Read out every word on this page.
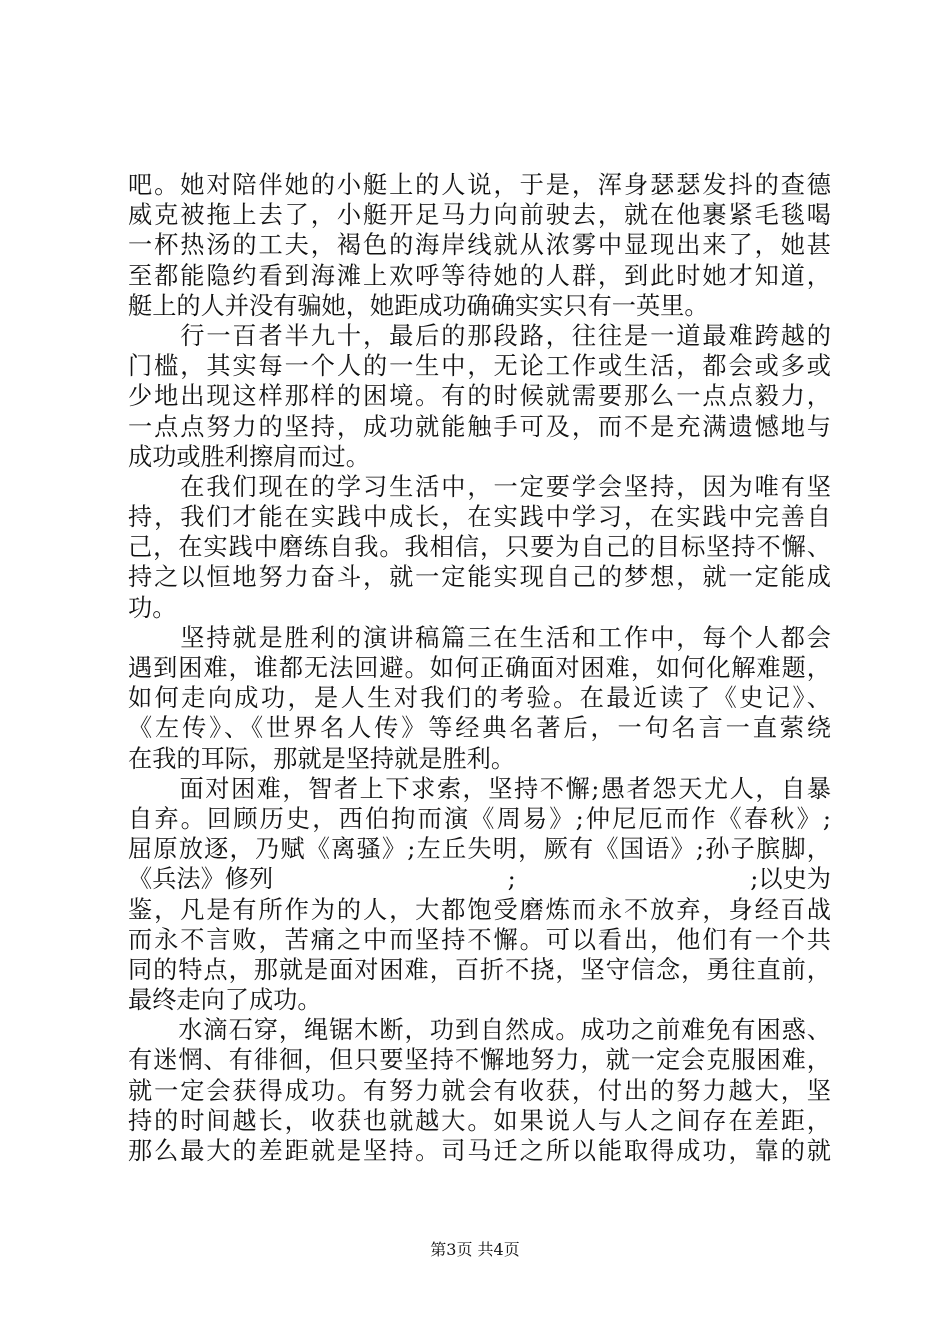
吧。她对陪伴她的小艇上的人说，于是，浑身瑟瑟发抖的查德
威克被拖上去了，小艇开足马力向前驶去，就在他裹紧毛毯喝
一杯热汤的工夫，褐色的海岸线就从浓雾中显现出来了，她甚
至都能隐约看到海滩上欢呼等待她的人群，到此时她才知道，
艇上的人并没有骗她，她距成功确确实实只有一英里。
　　行一百者半九十，最后的那段路，往往是一道最难跨越的
门槛，其实每一个人的一生中，无论工作或生活，都会或多或
少地出现这样那样的困境。有的时候就需要那么一点点毅力，
一点点努力的坚持，成功就能触手可及，而不是充满遗憾地与
成功或胜利擦肩而过。
　　在我们现在的学习生活中，一定要学会坚持，因为唯有坚
持，我们才能在实践中成长，在实践中学习，在实践中完善自
己，在实践中磨练自我。我相信，只要为自己的目标坚持不懈、
持之以恒地努力奋斗，就一定能实现自己的梦想，就一定能成
功。
　　坚持就是胜利的演讲稿篇三在生活和工作中，每个人都会
遇到困难，谁都无法回避。如何正确面对困难，如何化解难题，
如何走向成功，是人生对我们的考验。在最近读了《史记》、
《左传》、《世界名人传》等经典名著后，一句名言一直萦绕
在我的耳际，那就是坚持就是胜利。
　　面对困难，智者上下求索，坚持不懈;愚者怨天尤人，自暴
自弃。回顾历史，西伯拘而演《周易》;仲尼厄而作《春秋》;
屈原放逐，乃赋《离骚》;左丘失明，厥有《国语》;孙子膑脚，
《兵法》修列	;	;以史为
鉴，凡是有所作为的人，大都饱受磨炼而永不放弃，身经百战
而永不言败，苦痛之中而坚持不懈。可以看出，他们有一个共
同的特点，那就是面对困难，百折不挠，坚守信念，勇往直前，
最终走向了成功。
　　水滴石穿，绳锯木断，功到自然成。成功之前难免有困惑、
有迷惘、有徘徊，但只要坚持不懈地努力，就一定会克服困难，
就一定会获得成功。有努力就会有收获，付出的努力越大，坚
持的时间越长，收获也就越大。如果说人与人之间存在差距，
那么最大的差距就是坚持。司马迁之所以能取得成功，靠的就
第3页 共4页
